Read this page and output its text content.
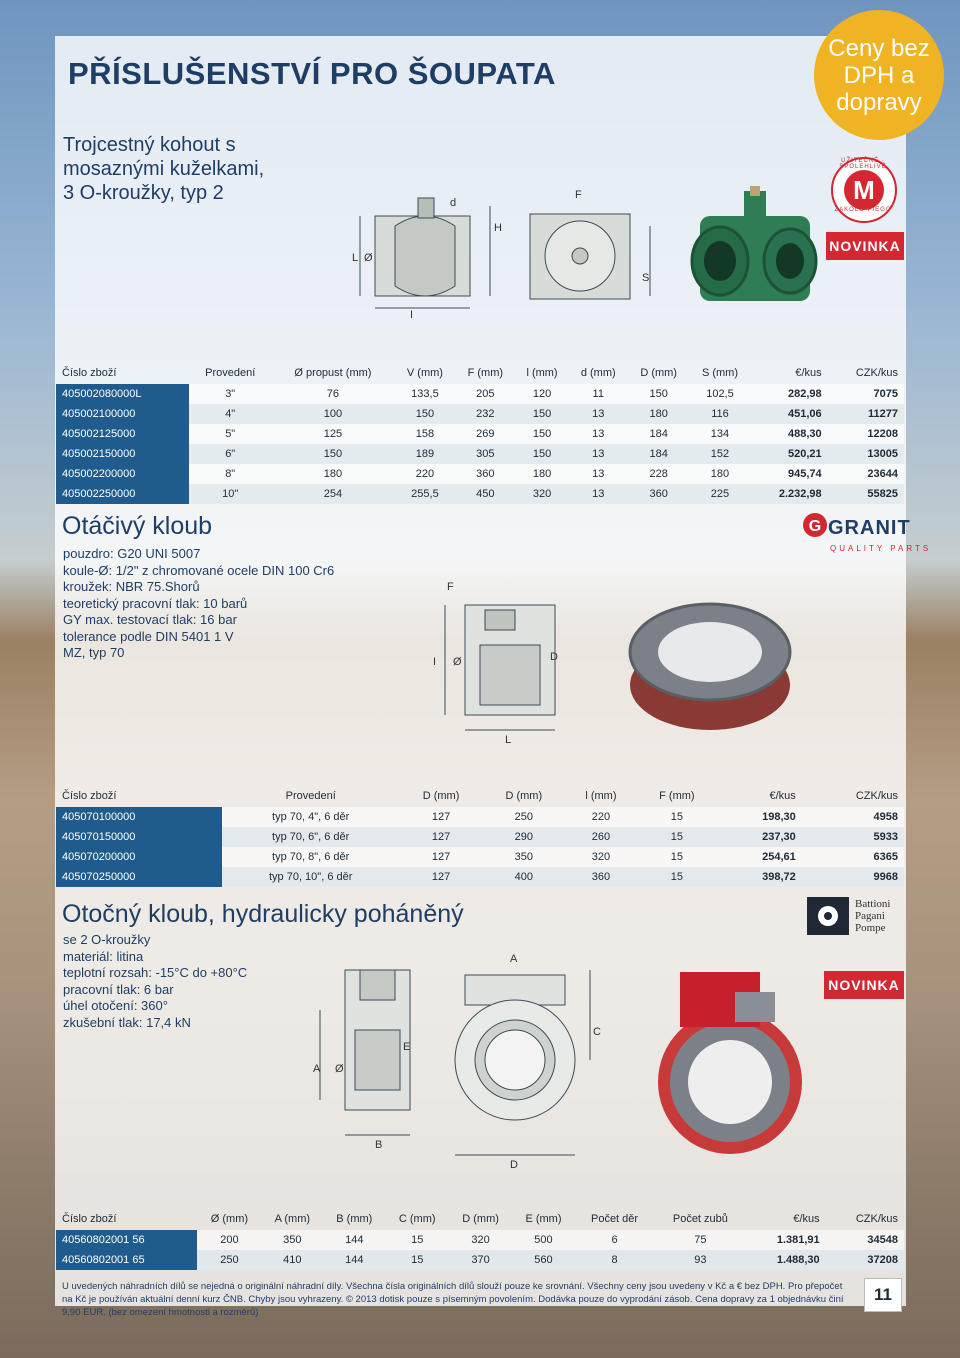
PŘÍSLUŠENSTVÍ PRO ŠOUPATA
Ceny bez
DPH a
dopravy
M
UŽITEČNÉ · SPOLEHLIVÉ
ZAKOLO PIEGO
NOVINKA
Trojcestný kohout s
mosaznými kuželkami,
3 O-kroužky, typ 2
L Ø
d
H
I
F
S
Číslo zboží	Provedení	Ø propust (mm)	V (mm)	F (mm)	l (mm)	d (mm)	D (mm)	S (mm)	€/kus	CZK/kus
405002080000L	3"	76	133,5	205	120	11	150	102,5	282,98	7075
405002100000	4"	100	150	232	150	13	180	116	451,06	11277
405002125000	5"	125	158	269	150	13	184	134	488,30	12208
405002150000	6"	150	189	305	150	13	184	152	520,21	13005
405002200000	8"	180	220	360	180	13	228	180	945,74	23644
405002250000	10"	254	255,5	450	320	13	360	225	2.232,98	55825
Otáčivý kloub	G GRANIT
QUALITY PARTS
pouzdro: G20 UNI 5007
koule-Ø: 1/2" z chromované ocele DIN 100 Cr6
kroužek: NBR 75.Shorů
teoretický pracovní tlak: 10 barů
GY max. testovací tlak: 16 bar
tolerance podle DIN 5401 1 V
MZ, typ 70
F
I Ø	D
L
Číslo zboží	Provedení	D (mm)	D (mm)	l (mm)	F (mm)	€/kus	CZK/kus
405070100000	typ 70, 4", 6 děr	127	250	220	15	198,30	4958
405070150000	typ 70, 6", 6 děr	127	290	260	15	237,30	5933
405070200000	typ 70, 8", 6 děr	127	350	320	15	254,61	6365
405070250000	typ 70, 10", 6 děr	127	400	360	15	398,72	9968
Otočný kloub, hydraulicky poháněný	Battioni
Pagani
Pompe
NOVINKA
se 2 O-kroužky
materiál: litina
teplotní rozsah: -15°C do +80°C
pracovní tlak: 6 bar
úhel otočení: 360°
zkušební tlak: 17,4 kN
A Ø
E
B
A
C
D
Číslo zboží	Ø (mm)	A (mm)	B (mm)	C (mm)	D (mm)	E (mm)	Počet děr	Počet zubů	€/kus	CZK/kus
40560802001 56	200	350	144	15	320	500	6	75	1.381,91	34548
40560802001 65	250	410	144	15	370	560	8	93	1.488,30	37208
U uvedených náhradních dílů se nejedná o originální náhradní díly. Všechna čísla originálních dílů slouží pouze ke srovnání. Všechny ceny jsou uvedeny v Kč a € bez DPH. Pro přepočet na Kč je používán aktuální denní kurz ČNB. Chyby jsou vyhrazeny. © 2013 dotisk pouze s písemným povolením. Dodávka pouze do vyprodání zásob. Cena dopravy za 1 objednávku činí 9,90 EUR. (bez omezení hmotnosti a rozměrů)
11
